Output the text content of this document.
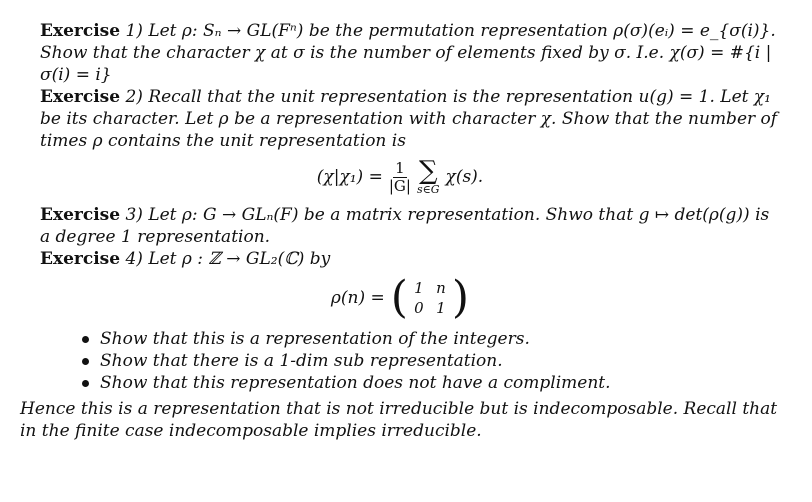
Exercise 1) Let ρ: Sₙ → GL(Fⁿ) be the permutation representation ρ(σ)(eᵢ) = e_{σ(i)}. Show that the character χ at σ is the number of elements fixed by σ. I.e. χ(σ) = #{i | σ(i) = i}

Exercise 2) Recall that the unit representation is the representation u(g) = 1. Let χ₁ be its character. Let ρ be a representation with character χ. Show that the number of times ρ contains the unit representation is

$(\chi|\chi_1) = \frac{1}{|G|}$ ∑
s∈G
χ(s).

Exercise 3) Let ρ: G → GLₙ(F) be a matrix representation. Shwo that g ↦ det(ρ(g)) is a degree 1 representation.

Exercise 4) Let ρ : ℤ → GL₂(ℂ) by

ρ(n) = ( 1 n
0 1 )
Show that this is a representation of the integers.
Show that there is a 1-dim sub representation.
Show that this representation does not have a compliment.

Hence this is a representation that is not irreducible but is indecomposable. Recall that in the finite case indecomposable implies irreducible.
